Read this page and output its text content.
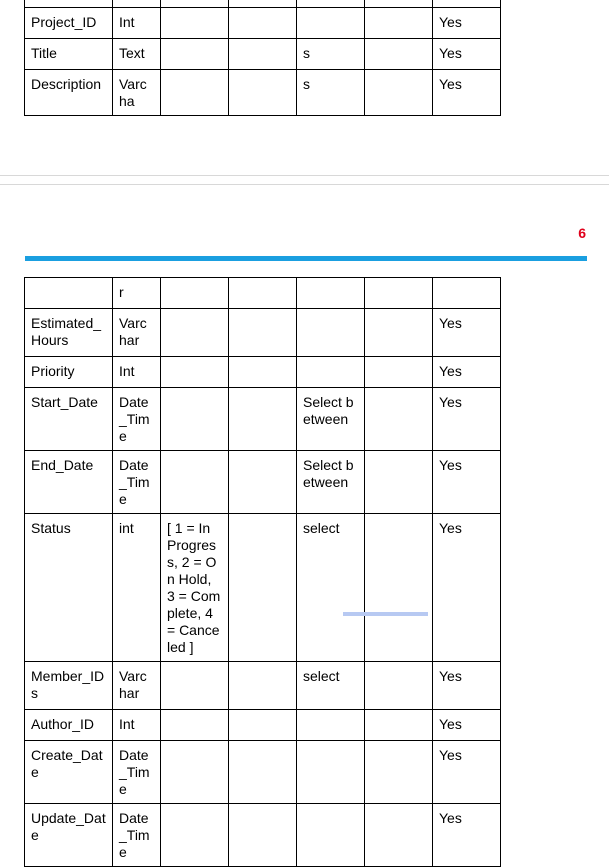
Project_ID	Int					Yes
Title	Text			s		Yes
Description	Varcha			s		Yes
6
	r					
Estimated_Hours	Varchar					Yes
Priority	Int					Yes
Start_Date	Date_Time			Select between		Yes
End_Date	Date_Time			Select between		Yes
Status	int	[ 1 = In Progress, 2 = On Hold, 3 = Complete, 4 = Canceled ]		select		Yes
Member_IDs	Varchar			select		Yes
Author_ID	Int					Yes
Create_Date	Date_Time					Yes
Update_Date	Date_Time					Yes
